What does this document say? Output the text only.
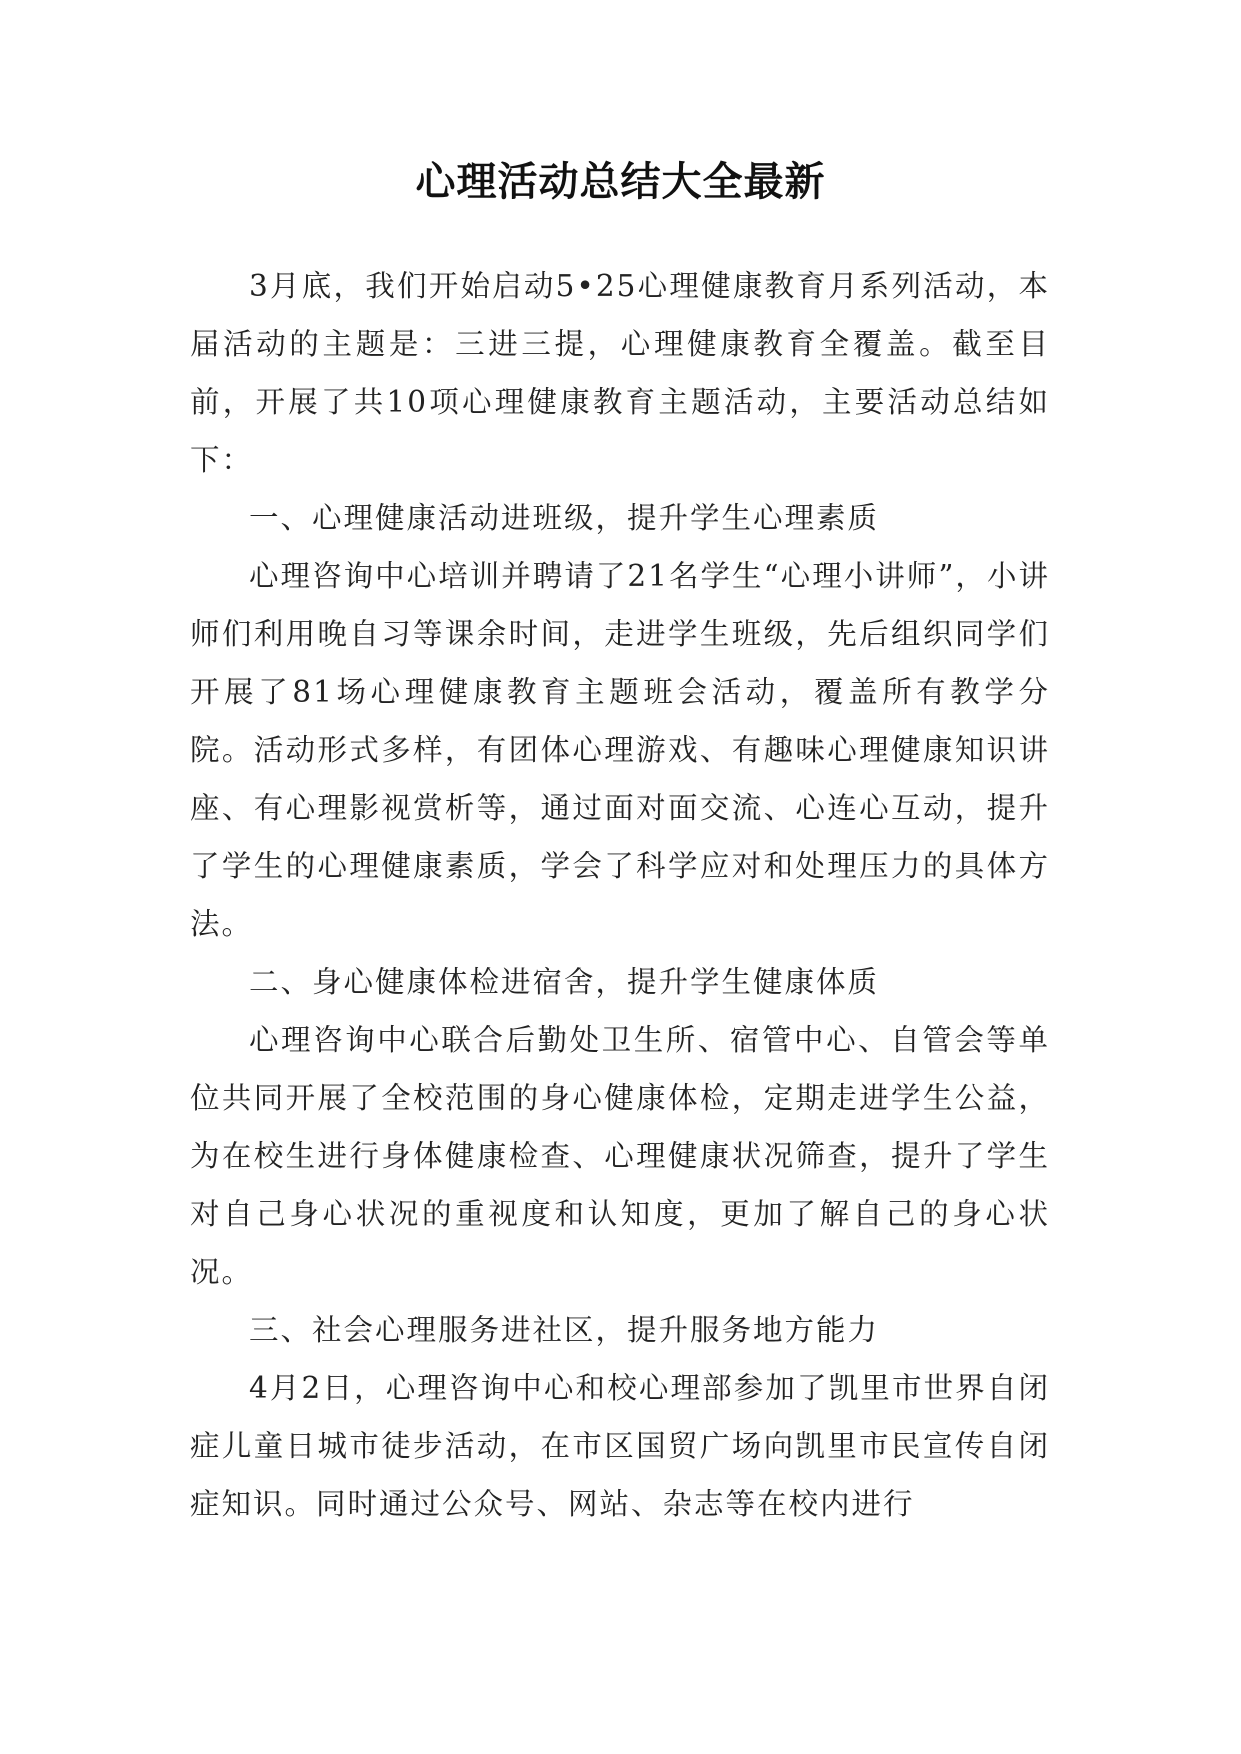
心理活动总结大全最新

3月底，我们开始启动5•25心理健康教育月系列活动，本届活动的主题是：三进三提，心理健康教育全覆盖。截至目前，开展了共10项心理健康教育主题活动，主要活动总结如下：

一、心理健康活动进班级，提升学生心理素质

心理咨询中心培训并聘请了21名学生“心理小讲师”，小讲师们利用晚自习等课余时间，走进学生班级，先后组织同学们开展了81场心理健康教育主题班会活动，覆盖所有教学分院。活动形式多样，有团体心理游戏、有趣味心理健康知识讲座、有心理影视赏析等，通过面对面交流、心连心互动，提升了学生的心理健康素质，学会了科学应对和处理压力的具体方法。

二、身心健康体检进宿舍，提升学生健康体质

心理咨询中心联合后勤处卫生所、宿管中心、自管会等单位共同开展了全校范围的身心健康体检，定期走进学生公益，为在校生进行身体健康检查、心理健康状况筛查，提升了学生对自己身心状况的重视度和认知度，更加了解自己的身心状况。

三、社会心理服务进社区，提升服务地方能力

4月2日，心理咨询中心和校心理部参加了凯里市世界自闭症儿童日城市徒步活动，在市区国贸广场向凯里市民宣传自闭症知识。同时通过公众号、网站、杂志等在校内进行
